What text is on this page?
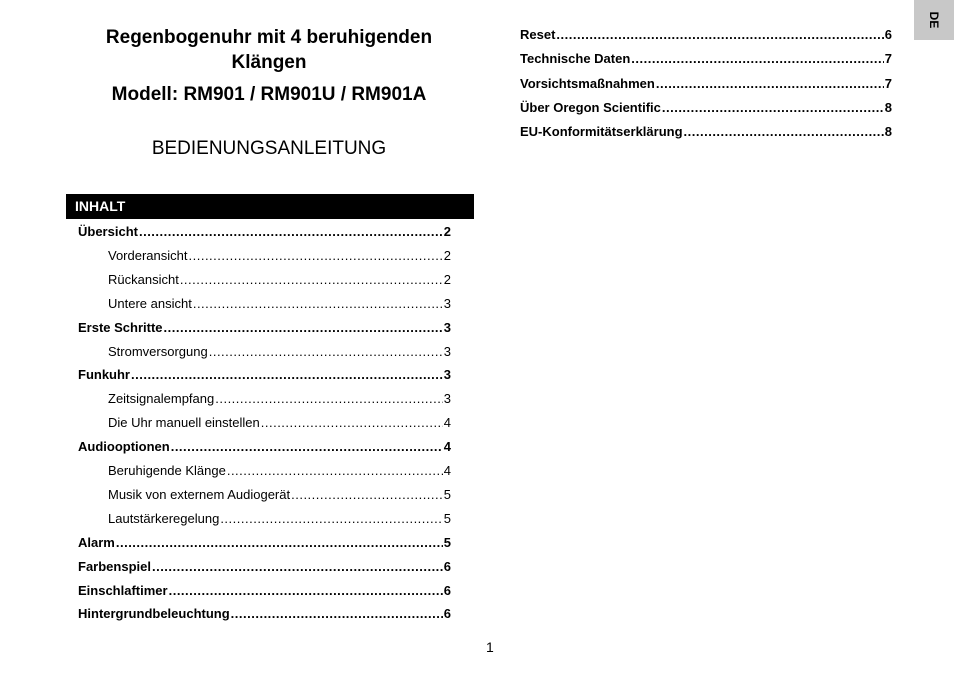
Regenbogenuhr mit 4 beruhigenden
Klängen
Modell: RM901 / RM901U / RM901A
BEDIENUNGSANLEITUNG
INHALT
Übersicht .....	2
Vorderansicht .....	2
Rückansicht .....	2
Untere ansicht .....	3
Erste Schritte .....	3
Stromversorgung .....	3
Funkuhr .....	3
Zeitsignalempfang .....	3
Die Uhr manuell einstellen .....	4
Audiooptionen .....	4
Beruhigende Klänge .....	4
Musik von externem Audiogerät .....	5
Lautstärkeregelung .....	5
Alarm .....	5
Farbenspiel .....	6
Einschlaftimer .....	6
Hintergrundbeleuchtung .....	6
Reset .....	6
Technische Daten .....	7
Vorsichtsmaßnahmen .....	7
Über Oregon Scientific .....	8
EU-Konformitätserklärung .....	8
1
DE
